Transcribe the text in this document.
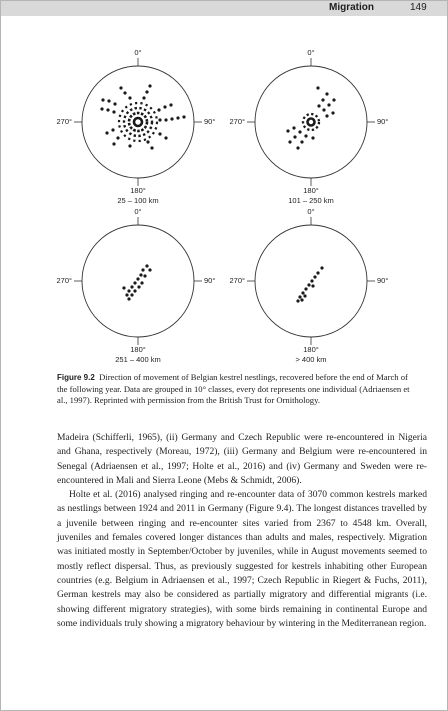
Migration	149
0°
270°	90°
180°
25 – 100 km
0°
270°	90°
180°
101 – 250 km
0°
270°	90°
180°
251 – 400 km
0°
270°	90°
180°
> 400 km
Figure 9.2 Direction of movement of Belgian kestrel nestlings, recovered before the end of March of the following year. Data are grouped in 10° classes, every dot represents one individual (Adriaensen et al., 1997). Reprinted with permission from the British Trust for Ornithology.

Madeira (Schifferli, 1965), (ii) Germany and Czech Republic were re-encountered in Nigeria and Ghana, respectively (Moreau, 1972), (iii) Germany and Belgium were re-encountered in Senegal (Adriaensen et al., 1997; Holte et al., 2016) and (iv) Germany and Sweden were re-encountered in Mali and Sierra Leone (Mebs & Schmidt, 2006).

Holte et al. (2016) analysed ringing and re-encounter data of 3070 common kestrels marked as nestlings between 1924 and 2011 in Germany (Figure 9.4). The longest distances travelled by a juvenile between ringing and re-encounter sites varied from 2367 to 4548 km. Overall, juveniles and females covered longer distances than adults and males, respectively. Migration was initiated mostly in September/October by juveniles, while in August movements seemed to mostly reflect dispersal. Thus, as previously suggested for kestrels inhabiting other European countries (e.g. Belgium in Adriaensen et al., 1997; Czech Republic in Riegert & Fuchs, 2011), German kestrels may also be considered as partially migratory and differential migrants (i.e. showing different migratory strategies), with some birds remaining in continental Europe and some individuals truly showing a migratory behaviour by wintering in the Mediterranean region.
